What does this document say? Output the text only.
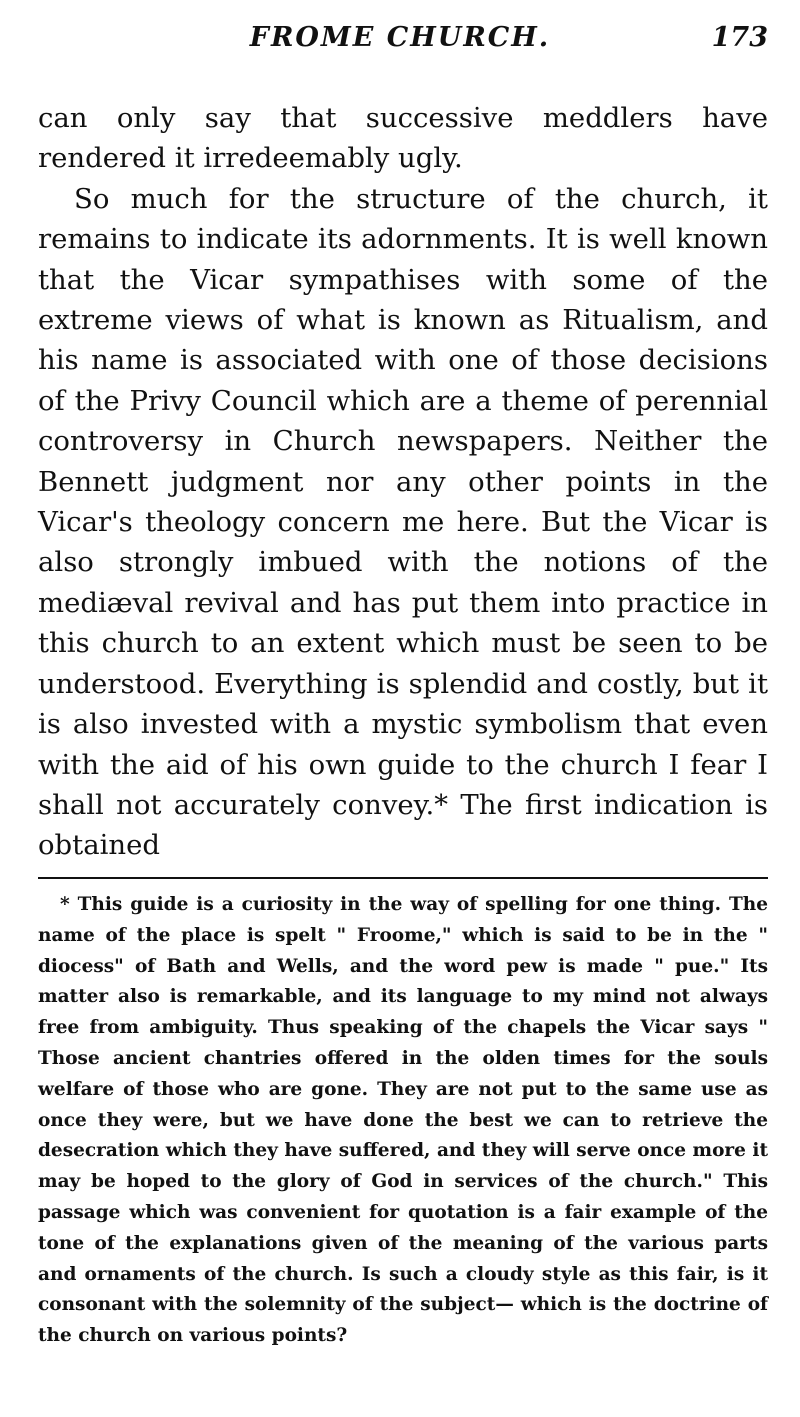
FROME CHURCH.	173

can only say that successive meddlers have rendered it irredeemably ugly.

So much for the structure of the church, it remains to indicate its adornments. It is well known that the Vicar sympathises with some of the extreme views of what is known as Ritualism, and his name is associated with one of those decisions of the Privy Council which are a theme of perennial controversy in Church newspapers. Neither the Bennett judgment nor any other points in the Vicar's theology concern me here. But the Vicar is also strongly imbued with the notions of the mediæval revival and has put them into practice in this church to an extent which must be seen to be understood. Everything is splendid and costly, but it is also invested with a mystic symbolism that even with the aid of his own guide to the church I fear I shall not accurately convey.* The first indication is obtained

* This guide is a curiosity in the way of spelling for one thing. The name of the place is spelt " Froome," which is said to be in the " diocess" of Bath and Wells, and the word pew is made " pue." Its matter also is remarkable, and its language to my mind not always free from ambiguity. Thus speaking of the chapels the Vicar says " Those ancient chantries offered in the olden times for the souls welfare of those who are gone. They are not put to the same use as once they were, but we have done the best we can to retrieve the desecration which they have suffered, and they will serve once more it may be hoped to the glory of God in services of the church." This passage which was convenient for quotation is a fair example of the tone of the explanations given of the meaning of the various parts and ornaments of the church. Is such a cloudy style as this fair, is it consonant with the solemnity of the subject— which is the doctrine of the church on various points?
